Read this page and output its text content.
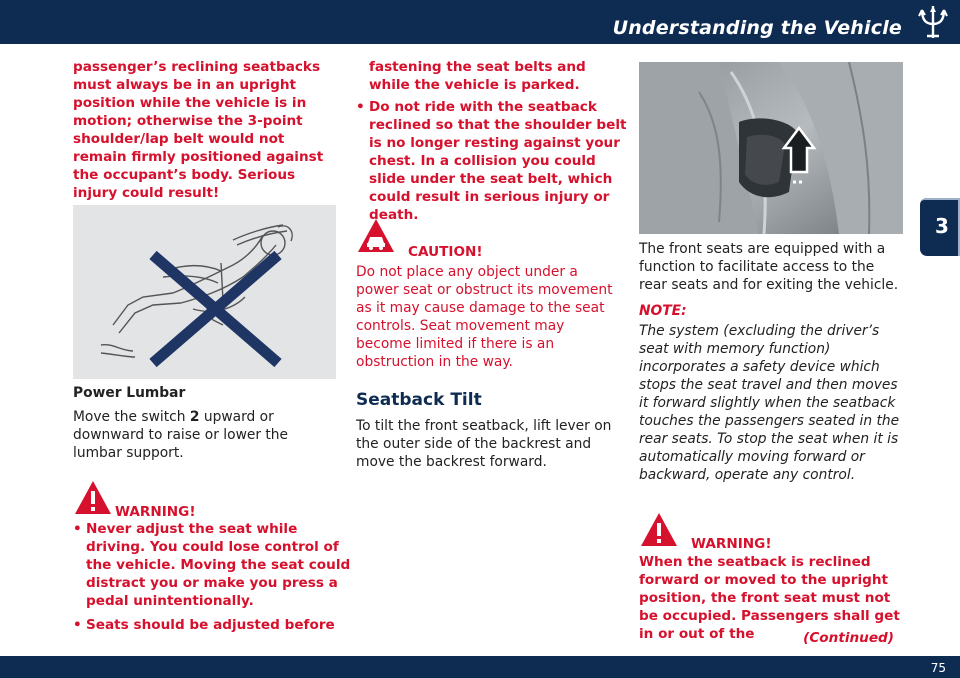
Understanding the Vehicle
3

passenger’s reclining seatbacks must always be in an upright position while the vehicle is in motion; otherwise the 3-point shoulder/lap belt would not remain firmly positioned against the occupant’s body. Serious injury could result!

Power Lumbar

Move the switch 2 upward or downward to raise or lower the lumbar support.

WARNING!

• Never adjust the seat while driving. You could lose control of the vehicle. Moving the seat could distract you or make you press a pedal unintentionally.

• Seats should be adjusted before

fastening the seat belts and while the vehicle is parked.

• Do not ride with the seatback reclined so that the shoulder belt is no longer resting against your chest. In a collision you could slide under the seat belt, which could result in serious injury or death.

CAUTION!

Do not place any object under a power seat or obstruct its movement as it may cause damage to the seat controls. Seat movement may become limited if there is an obstruction in the way.

Seatback Tilt

To tilt the front seatback, lift lever on the outer side of the backrest and move the backrest forward.

The front seats are equipped with a function to facilitate access to the rear seats and for exiting the vehicle.

NOTE:

The system (excluding the driver’s seat with memory function) incorporates a safety device which stops the seat travel and then moves it forward slightly when the seatback touches the passengers seated in the rear seats. To stop the seat when it is automatically moving forward or backward, operate any control.

WARNING!

When the seatback is reclined forward or moved to the upright position, the front seat must not be occupied. Passengers shall get in or out of the	(Continued)

75
